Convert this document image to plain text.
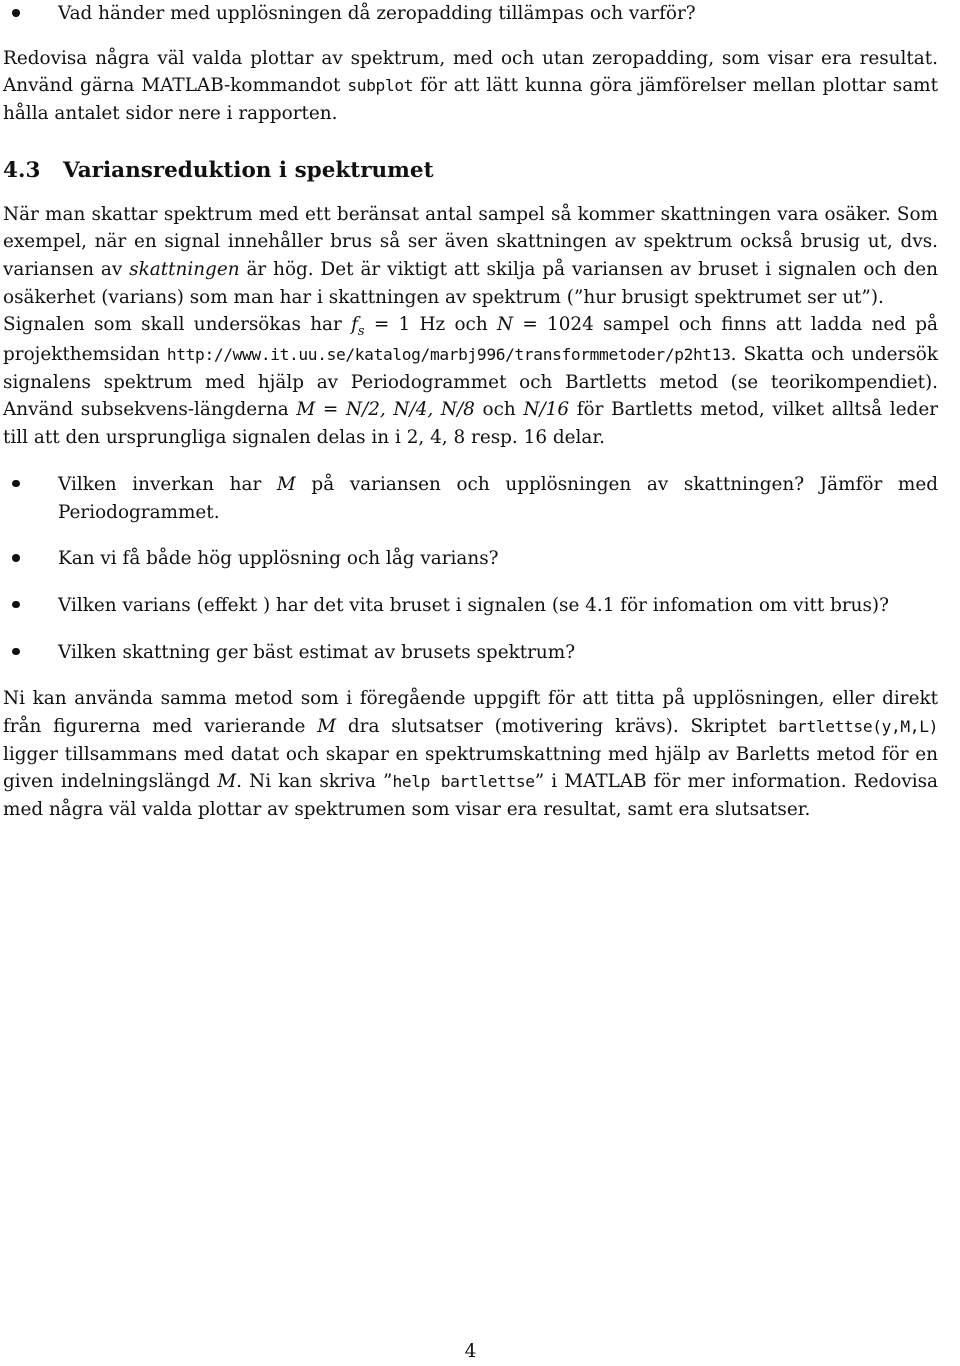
Vad händer med upplösningen då zeropadding tillämpas och varför?

Redovisa några väl valda plottar av spektrum, med och utan zeropadding, som visar era resultat. Använd gärna MATLAB-kommandot subplot för att lätt kunna göra jämförelser mellan plottar samt hålla antalet sidor nere i rapporten.

4.3	Variansreduktion i spektrumet

När man skattar spektrum med ett beränsat antal sampel så kommer skattningen vara osäker. Som exempel, när en signal innehåller brus så ser även skattningen av spektrum också brusig ut, dvs. variansen av skattningen är hög. Det är viktigt att skilja på variansen av bruset i signalen och den osäkerhet (varians) som man har i skattningen av spektrum (”hur brusigt spektrumet ser ut”).

Signalen som skall undersökas har $f_s = 1$ Hz och N = 1024 sampel och finns att ladda ned på projekthemsidan http://www.it.uu.se/katalog/marbj996/transformmetoder/p2ht13. Skatta och undersök signalens spektrum med hjälp av Periodogrammet och Bartletts metod (se teorikompendiet). Använd subsekvens-längderna M = N/2, N/4, N/8 och N/16 för Bartletts metod, vilket alltså leder till att den ursprungliga signalen delas in i 2, 4, 8 resp. 16 delar.

Vilken inverkan har M på variansen och upplösningen av skattningen? Jämför med Periodogrammet.
Kan vi få både hög upplösning och låg varians?
Vilken varians (effekt ) har det vita bruset i signalen (se 4.1 för infomation om vitt brus)?
Vilken skattning ger bäst estimat av brusets spektrum?

Ni kan använda samma metod som i föregående uppgift för att titta på upplösningen, eller direkt från figurerna med varierande M dra slutsatser (motivering krävs). Skriptet bartlettse(y,M,L) ligger tillsammans med datat och skapar en spektrumskattning med hjälp av Barletts metod för en given indelningslängd M. Ni kan skriva ”help bartlettse” i MATLAB för mer information. Redovisa med några väl valda plottar av spektrumen som visar era resultat, samt era slutsatser.

4
